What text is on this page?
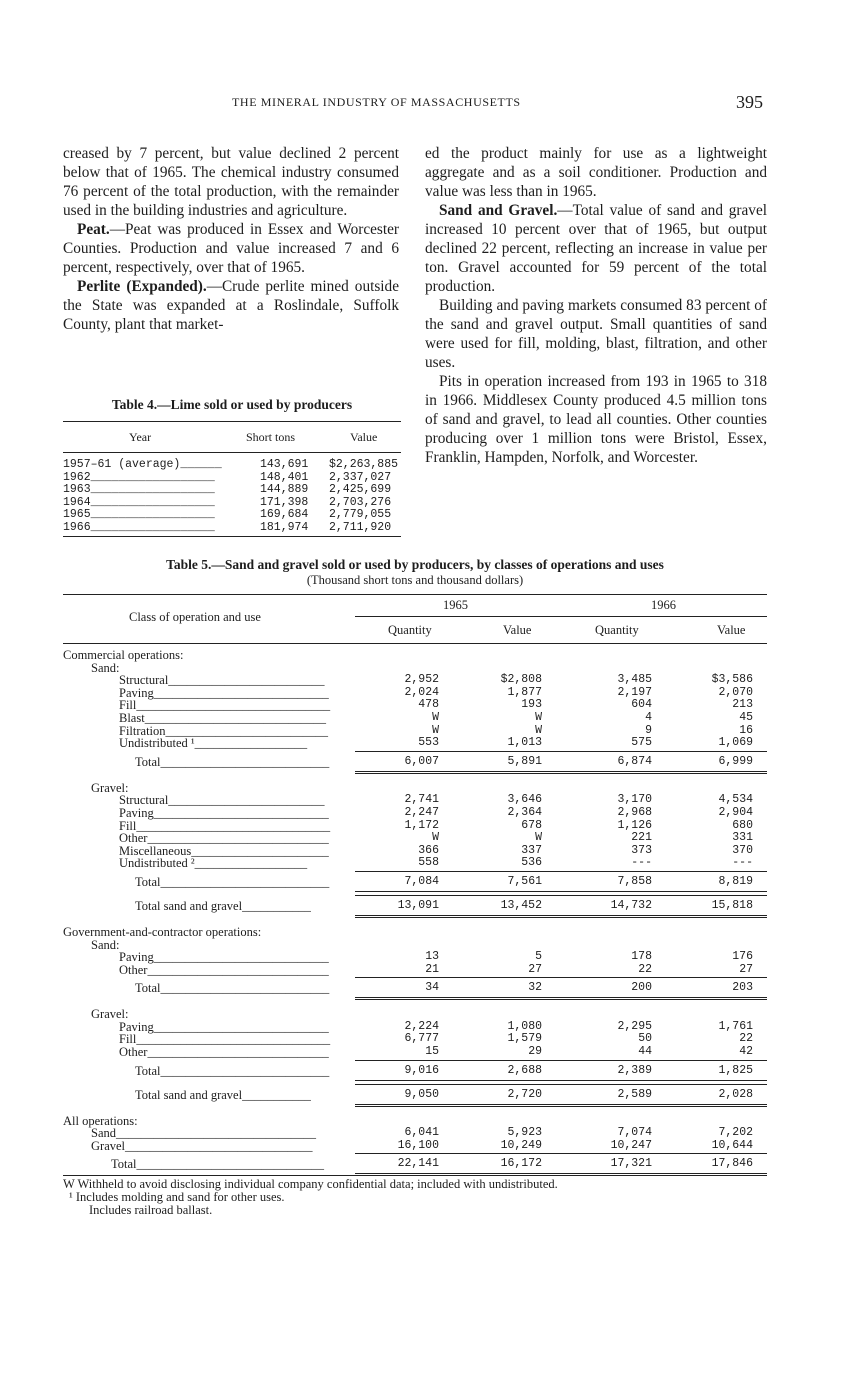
THE MINERAL INDUSTRY OF MASSACHUSETTS	395

creased by 7 percent, but value declined 2 percent below that of 1965. The chemical industry consumed 76 percent of the total production, with the remainder used in the building industries and agriculture.

Peat.—Peat was produced in Essex and Worcester Counties. Production and value increased 7 and 6 percent, respectively, over that of 1965.

Perlite (Expanded).—Crude perlite mined outside the State was expanded at a Roslindale, Suffolk County, plant that market-

ed the product mainly for use as a lightweight aggregate and as a soil conditioner. Production and value was less than in 1965.

Sand and Gravel.—Total value of sand and gravel increased 10 percent over that of 1965, but output declined 22 percent, reflecting an increase in value per ton. Gravel accounted for 59 percent of the total production.

Building and paving markets consumed 83 percent of the sand and gravel output. Small quantities of sand were used for fill, molding, blast, filtration, and other uses.

Pits in operation increased from 193 in 1965 to 318 in 1966. Middlesex County produced 4.5 million tons of sand and gravel, to lead all counties. Other counties producing over 1 million tons were Bristol, Essex, Franklin, Hampden, Norfolk, and Worcester.

Table 4.—Lime sold or used by producers
Year	Short tons	Value
1957–61 (average)______	143,691 $2,263,885
1962__________________	148,401 2,337,027
1963__________________	144,889 2,425,699
1964__________________	171,398 2,703,276
1965__________________	169,684 2,779,055
1966__________________	181,974 2,711,920
Table 5.—Sand and gravel sold or used by producers, by classes of operations and uses
(Thousand short tons and thousand dollars)
Class of operation and use
1965	1966
Quantity	Value	Quantity	Value
Commercial operations:
Sand:
Structural_________________________	2,952	$2,808	3,485	$3,586
Paving____________________________	2,024	1,877	2,197	2,070
Fill_______________________________	478	193	604	213
Blast_____________________________	W	W	4	45
Filtration__________________________	W	W	9	16
Undistributed ¹__________________	553	1,013	575	1,069
Total___________________________	6,007	5,891	6,874	6,999
Gravel:
Structural_________________________	2,741	3,646	3,170	4,534
Paving____________________________	2,247	2,364	2,968	2,904
Fill_______________________________	1,172	678	1,126	680
Other_____________________________	W	W	221	331
Miscellaneous______________________	366	337	373	370
Undistributed ²__________________	558	536	---	---
Total___________________________	7,084	7,561	7,858	8,819
Total sand and gravel___________	13,091	13,452	14,732	15,818
Government-and-contractor operations:
Sand:
Paving____________________________	13	5	178	176
Other_____________________________	21	27	22	27
Total___________________________	34	32	200	203
Gravel:
Paving____________________________	2,224	1,080	2,295	1,761
Fill_______________________________	6,777	1,579	50	22
Other_____________________________	15	29	44	42
Total___________________________	9,016	2,688	2,389	1,825
Total sand and gravel___________	9,050	2,720	2,589	2,028
All operations:
Sand________________________________	6,041	5,923	7,074	7,202
Gravel______________________________	16,100	10,249	10,247	10,644
Total______________________________	22,141	16,172	17,321	17,846
W Withheld to avoid disclosing individual company confidential data; included with undistributed.
¹ Includes molding and sand for other uses.
Includes railroad ballast.
